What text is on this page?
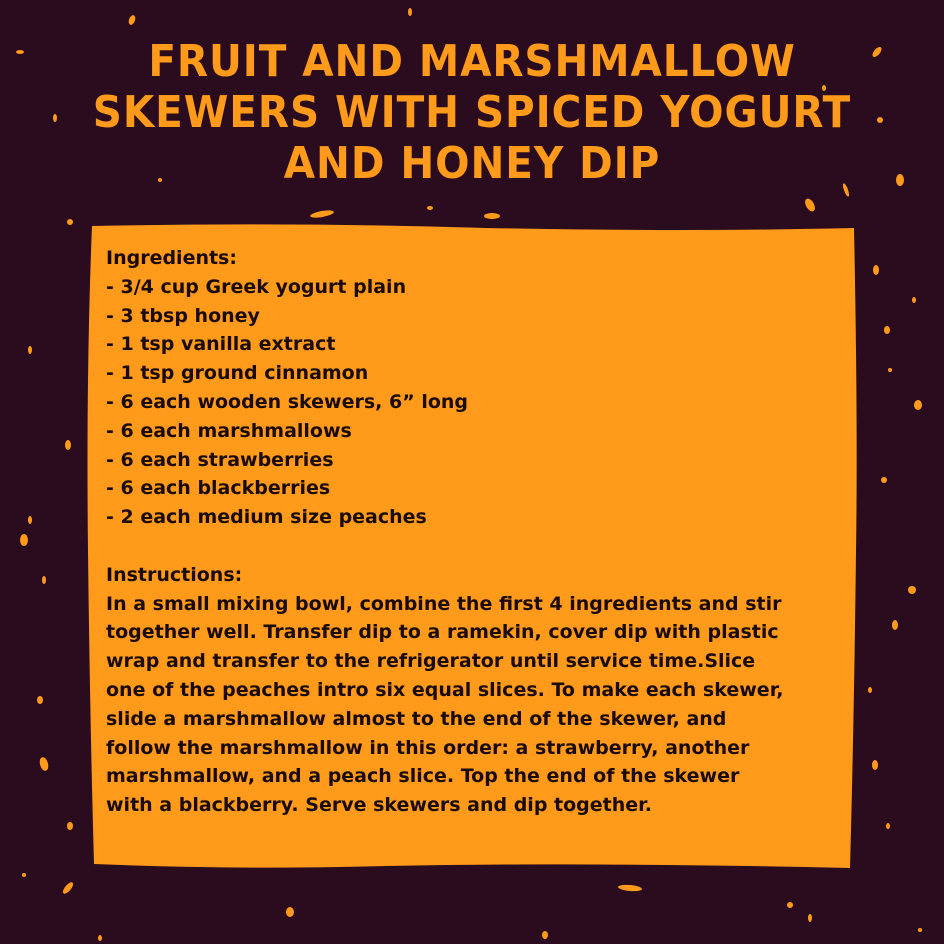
FRUIT AND MARSHMALLOW
SKEWERS WITH SPICED YOGURT
AND HONEY DIP
Ingredients:
- 3/4 cup Greek yogurt plain
- 3 tbsp honey
- 1 tsp vanilla extract
- 1 tsp ground cinnamon
- 6 each wooden skewers, 6” long
- 6 each marshmallows
- 6 each strawberries
- 6 each blackberries
- 2 each medium size peaches
Instructions:
In a small mixing bowl, combine the first 4 ingredients and stir together well. Transfer dip to a ramekin, cover dip with plastic wrap and transfer to the refrigerator until service time.Slice one of the peaches intro six equal slices. To make each skewer, slide a marshmallow almost to the end of the skewer, and follow the marshmallow in this order: a strawberry, another marshmallow, and a peach slice. Top the end of the skewer with a blackberry. Serve skewers and dip together.
